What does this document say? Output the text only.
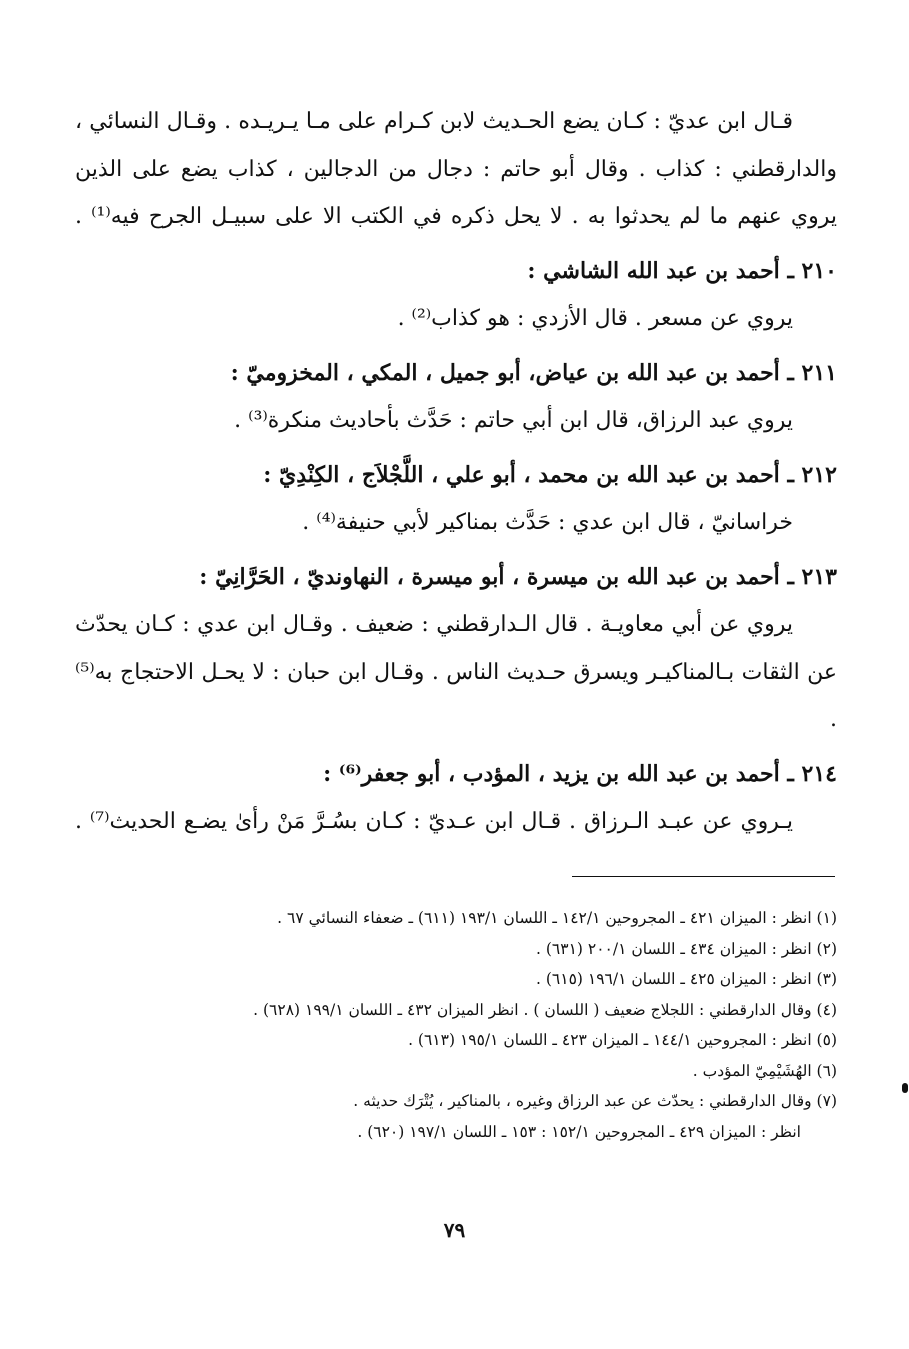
قـال ابن عديّ : كـان يضع الحـديث لابن كـرام على مـا يـريـده . وقـال النسائي ، والدارقطني : كذاب . وقال أبو حاتم : دجال من الدجالين ، كذاب يضع على الذين يروي عنهم ما لم يحدثوا به . لا يحل ذكره في الكتب الا على سبيـل الجرح فيه⁽¹⁾ .

٢١٠ ـ أحمد بن عبد الله الشاشي :

يروي عن مسعر . قال الأزدي : هو كذاب⁽²⁾ .

٢١١ ـ أحمد بن عبد الله بن عياض، أبو جميل ، المكي ، المخزوميّ :

يروي عبد الرزاق، قال ابن أبي حاتم : حَدَّث بأحاديث منكرة⁽³⁾ .

٢١٢ ـ أحمد بن عبد الله بن محمد ، أبو علي ، اللَّجْلاَج ، الكِنْدِيّ :

خراسانيّ ، قال ابن عدي : حَدَّث بمناكير لأبي حنيفة⁽⁴⁾ .

٢١٣ ـ أحمد بن عبد الله بن ميسرة ، أبو ميسرة ، النهاونديّ ، الحَرَّانِيّ :

يروي عن أبي معاويـة . قال الـدارقطني : ضعيف . وقـال ابن عدي : كـان يحدّث عن الثقات بـالمناكيـر ويسرق حـديث الناس . وقـال ابن حبان : لا يحـل الاحتجاج به⁽⁵⁾ .

٢١٤ ـ أحمد بن عبد الله بن يزيد ، المؤدب ، أبو جعفر⁽⁶⁾ :

يـروي عن عبـد الـرزاق . قـال ابن عـديّ : كـان بسُـرَّ مَنْ رأىٰ يضـع الحديث⁽⁷⁾ .

(١) انظر : الميزان ٤٢١ ـ المجروحين ١٤٢/١ ـ اللسان ١٩٣/١ (٦١١) ـ ضعفاء النسائي ٦٧ .

(٢) انظر : الميزان ٤٣٤ ـ اللسان ٢٠٠/١ (٦٣١) .

(٣) انظر : الميزان ٤٢٥ ـ اللسان ١٩٦/١ (٦١٥) .

(٤) وقال الدارقطني : اللجلاج ضعيف ( اللسان ) . انظر الميزان ٤٣٢ ـ اللسان ١٩٩/١ (٦٢٨) .

(٥) انظر : المجروحين ١٤٤/١ ـ الميزان ٤٢٣ ـ اللسان ١٩٥/١ (٦١٣) .

(٦) الهُشَيْمِيّ المؤدب .

(٧) وقال الدارقطني : يحدّث عن عبد الرزاق وغيره ، بالمناكير ، يُتْرَك حديثه .

انظر : الميزان ٤٢٩ ـ المجروحين ١٥٢/١ : ١٥٣ ـ اللسان ١٩٧/١ (٦٢٠) .

٧٩
